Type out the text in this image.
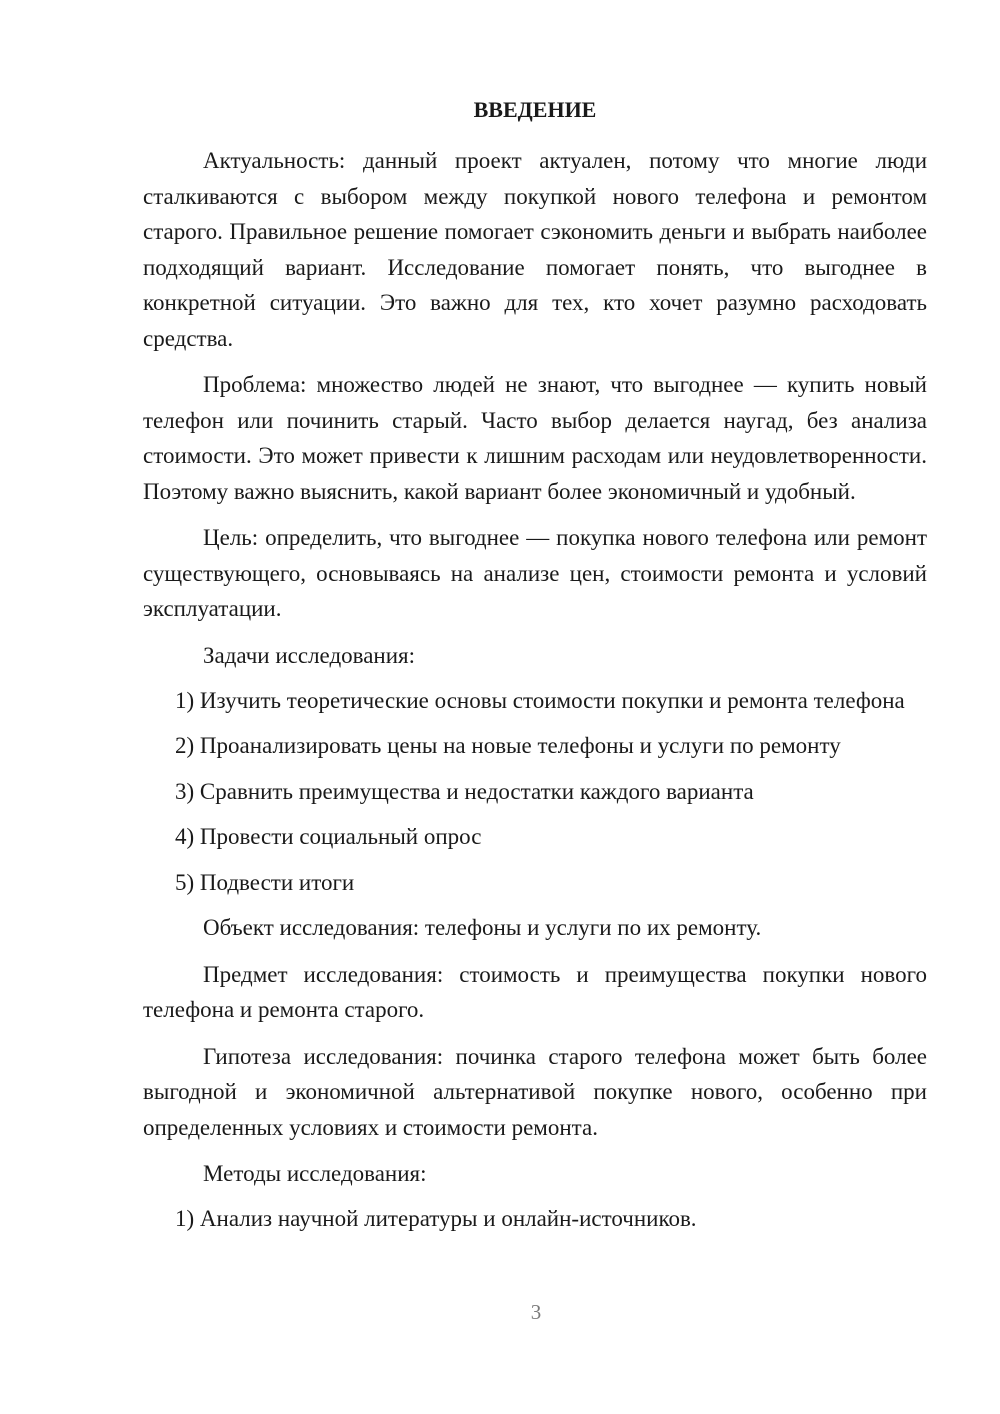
ВВЕДЕНИЕ

Актуальность: данный проект актуален, потому что многие люди сталкиваются с выбором между покупкой нового телефона и ремонтом старого. Правильное решение помогает сэкономить деньги и выбрать наиболее подходящий вариант. Исследование помогает понять, что выгоднее в конкретной ситуации. Это важно для тех, кто хочет разумно расходовать средства.

Проблема: множество людей не знают, что выгоднее — купить новый телефон или починить старый. Часто выбор делается наугад, без анализа стоимости. Это может привести к лишним расходам или неудовлетворенности. Поэтому важно выяснить, какой вариант более экономичный и удобный.

Цель: определить, что выгоднее — покупка нового телефона или ремонт существующего, основываясь на анализе цен, стоимости ремонта и условий эксплуатации.

Задачи исследования:

1) Изучить теоретические основы стоимости покупки и ремонта телефона

2) Проанализировать цены на новые телефоны и услуги по ремонту

3) Сравнить преимущества и недостатки каждого варианта

4) Провести социальный опрос

5) Подвести итоги

Объект исследования: телефоны и услуги по их ремонту.

Предмет исследования: стоимость и преимущества покупки нового телефона и ремонта старого.

Гипотеза исследования: починка старого телефона может быть более выгодной и экономичной альтернативой покупке нового, особенно при определенных условиях и стоимости ремонта.

Методы исследования:

1) Анализ научной литературы и онлайн-источников.

3
